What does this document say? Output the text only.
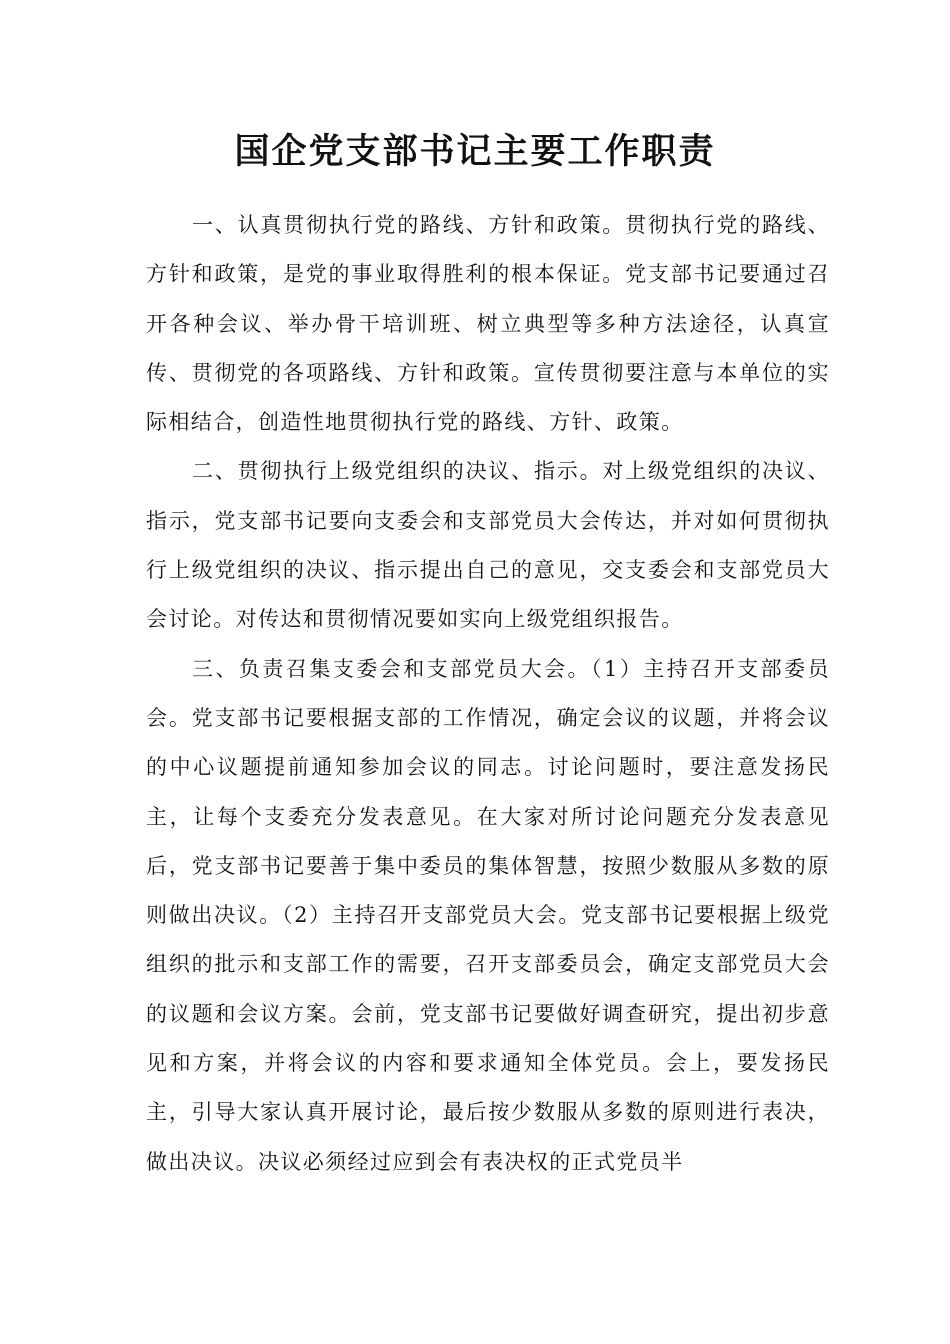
国企党支部书记主要工作职责

一、认真贯彻执行党的路线、方针和政策。贯彻执行党的路线、方针和政策，是党的事业取得胜利的根本保证。党支部书记要通过召开各种会议、举办骨干培训班、树立典型等多种方法途径，认真宣传、贯彻党的各项路线、方针和政策。宣传贯彻要注意与本单位的实际相结合，创造性地贯彻执行党的路线、方针、政策。

二、贯彻执行上级党组织的决议、指示。对上级党组织的决议、指示，党支部书记要向支委会和支部党员大会传达，并对如何贯彻执行上级党组织的决议、指示提出自己的意见，交支委会和支部党员大会讨论。对传达和贯彻情况要如实向上级党组织报告。

三、负责召集支委会和支部党员大会。（1）主持召开支部委员会。党支部书记要根据支部的工作情况，确定会议的议题，并将会议的中心议题提前通知参加会议的同志。讨论问题时，要注意发扬民主，让每个支委充分发表意见。在大家对所讨论问题充分发表意见后，党支部书记要善于集中委员的集体智慧，按照少数服从多数的原则做出决议。（2）主持召开支部党员大会。党支部书记要根据上级党组织的批示和支部工作的需要，召开支部委员会，确定支部党员大会的议题和会议方案。会前，党支部书记要做好调查研究，提出初步意见和方案，并将会议的内容和要求通知全体党员。会上，要发扬民主，引导大家认真开展讨论，最后按少数服从多数的原则进行表决，做出决议。决议必须经过应到会有表决权的正式党员半
